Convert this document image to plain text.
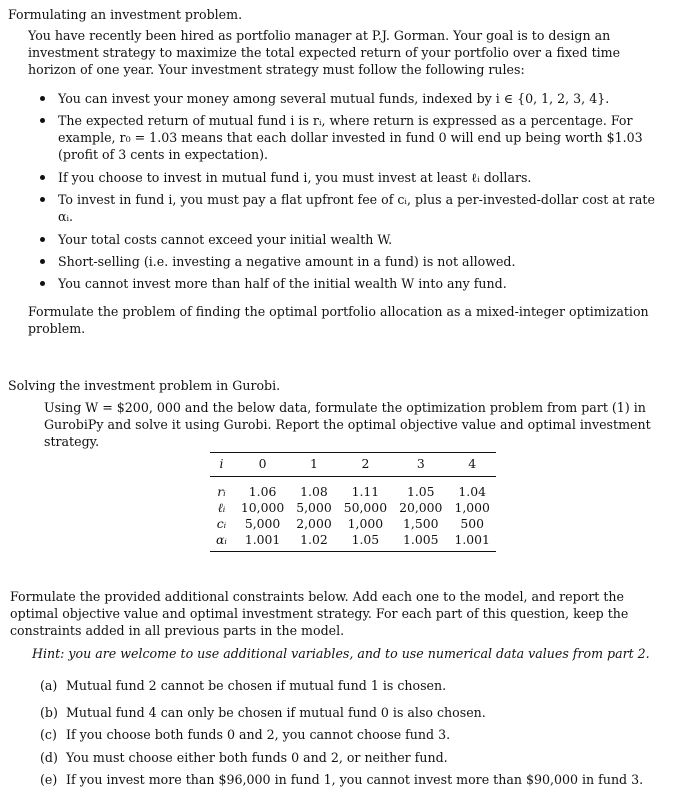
Formulating an investment problem.
You have recently been hired as portfolio manager at P.J. Gorman. Your goal is to design an investment strategy to maximize the total expected return of your portfolio over a fixed time horizon of one year. Your investment strategy must follow the following rules:
You can invest your money among several mutual funds, indexed by i ∈ {0, 1, 2, 3, 4}.
The expected return of mutual fund i is rᵢ, where return is expressed as a percentage. For example, r₀ = 1.03 means that each dollar invested in fund 0 will end up being worth $1.03 (profit of 3 cents in expectation).
If you choose to invest in mutual fund i, you must invest at least ℓᵢ dollars.
To invest in fund i, you must pay a flat upfront fee of cᵢ, plus a per-invested-dollar cost at rate αᵢ.
Your total costs cannot exceed your initial wealth W.
Short-selling (i.e. investing a negative amount in a fund) is not allowed.
You cannot invest more than half of the initial wealth W into any fund.
Formulate the problem of finding the optimal portfolio allocation as a mixed-integer optimization problem.
Solving the investment problem in Gurobi.
Using W = $200, 000 and the below data, formulate the optimization problem from part (1) in GurobiPy and solve it using Gurobi. Report the optimal objective value and optimal investment strategy.
i	0	1	2	3	4
rᵢ	1.06	1.08	1.11	1.05	1.04
ℓᵢ	10,000	5,000	50,000	20,000	1,000
cᵢ	5,000	2,000	1,000	1,500	500
αᵢ	1.001	1.02	1.05	1.005	1.001
Formulate the provided additional constraints below. Add each one to the model, and report the optimal objective value and optimal investment strategy. For each part of this question, keep the constraints added in all previous parts in the model.
Hint: you are welcome to use additional variables, and to use numerical data values from part 2.
(a) Mutual fund 2 cannot be chosen if mutual fund 1 is chosen.
(b) Mutual fund 4 can only be chosen if mutual fund 0 is also chosen.
(c) If you choose both funds 0 and 2, you cannot choose fund 3.
(d) You must choose either both funds 0 and 2, or neither fund.
(e) If you invest more than $96,000 in fund 1, you cannot invest more than $90,000 in fund 3.
